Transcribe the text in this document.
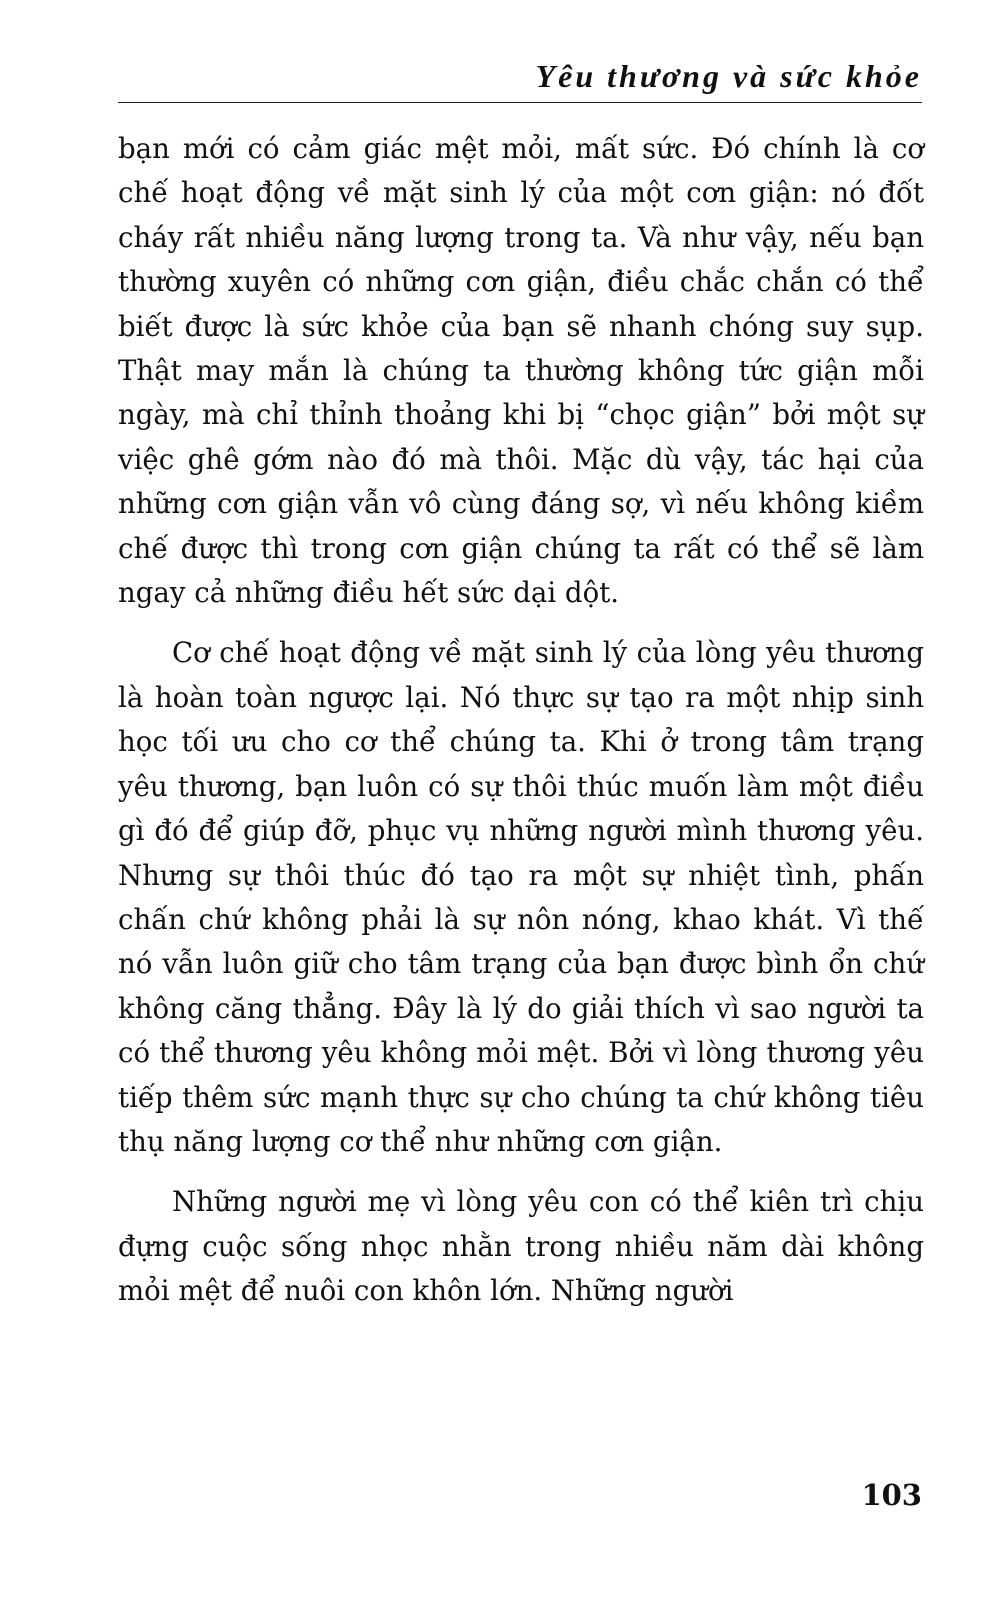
Yêu thương và sức khỏe

bạn mới có cảm giác mệt mỏi, mất sức. Đó chính là cơ chế hoạt động về mặt sinh lý của một cơn giận: nó đốt cháy rất nhiều năng lượng trong ta. Và như vậy, nếu bạn thường xuyên có những cơn giận, điều chắc chắn có thể biết được là sức khỏe của bạn sẽ nhanh chóng suy sụp. Thật may mắn là chúng ta thường không tức giận mỗi ngày, mà chỉ thỉnh thoảng khi bị “chọc giận” bởi một sự việc ghê gớm nào đó mà thôi. Mặc dù vậy, tác hại của những cơn giận vẫn vô cùng đáng sợ, vì nếu không kiềm chế được thì trong cơn giận chúng ta rất có thể sẽ làm ngay cả những điều hết sức dại dột.

Cơ chế hoạt động về mặt sinh lý của lòng yêu thương là hoàn toàn ngược lại. Nó thực sự tạo ra một nhịp sinh học tối ưu cho cơ thể chúng ta. Khi ở trong tâm trạng yêu thương, bạn luôn có sự thôi thúc muốn làm một điều gì đó để giúp đỡ, phục vụ những người mình thương yêu. Nhưng sự thôi thúc đó tạo ra một sự nhiệt tình, phấn chấn chứ không phải là sự nôn nóng, khao khát. Vì thế nó vẫn luôn giữ cho tâm trạng của bạn được bình ổn chứ không căng thẳng. Đây là lý do giải thích vì sao người ta có thể thương yêu không mỏi mệt. Bởi vì lòng thương yêu tiếp thêm sức mạnh thực sự cho chúng ta chứ không tiêu thụ năng lượng cơ thể như những cơn giận.

Những người mẹ vì lòng yêu con có thể kiên trì chịu đựng cuộc sống nhọc nhằn trong nhiều năm dài không mỏi mệt để nuôi con khôn lớn. Những người

103
